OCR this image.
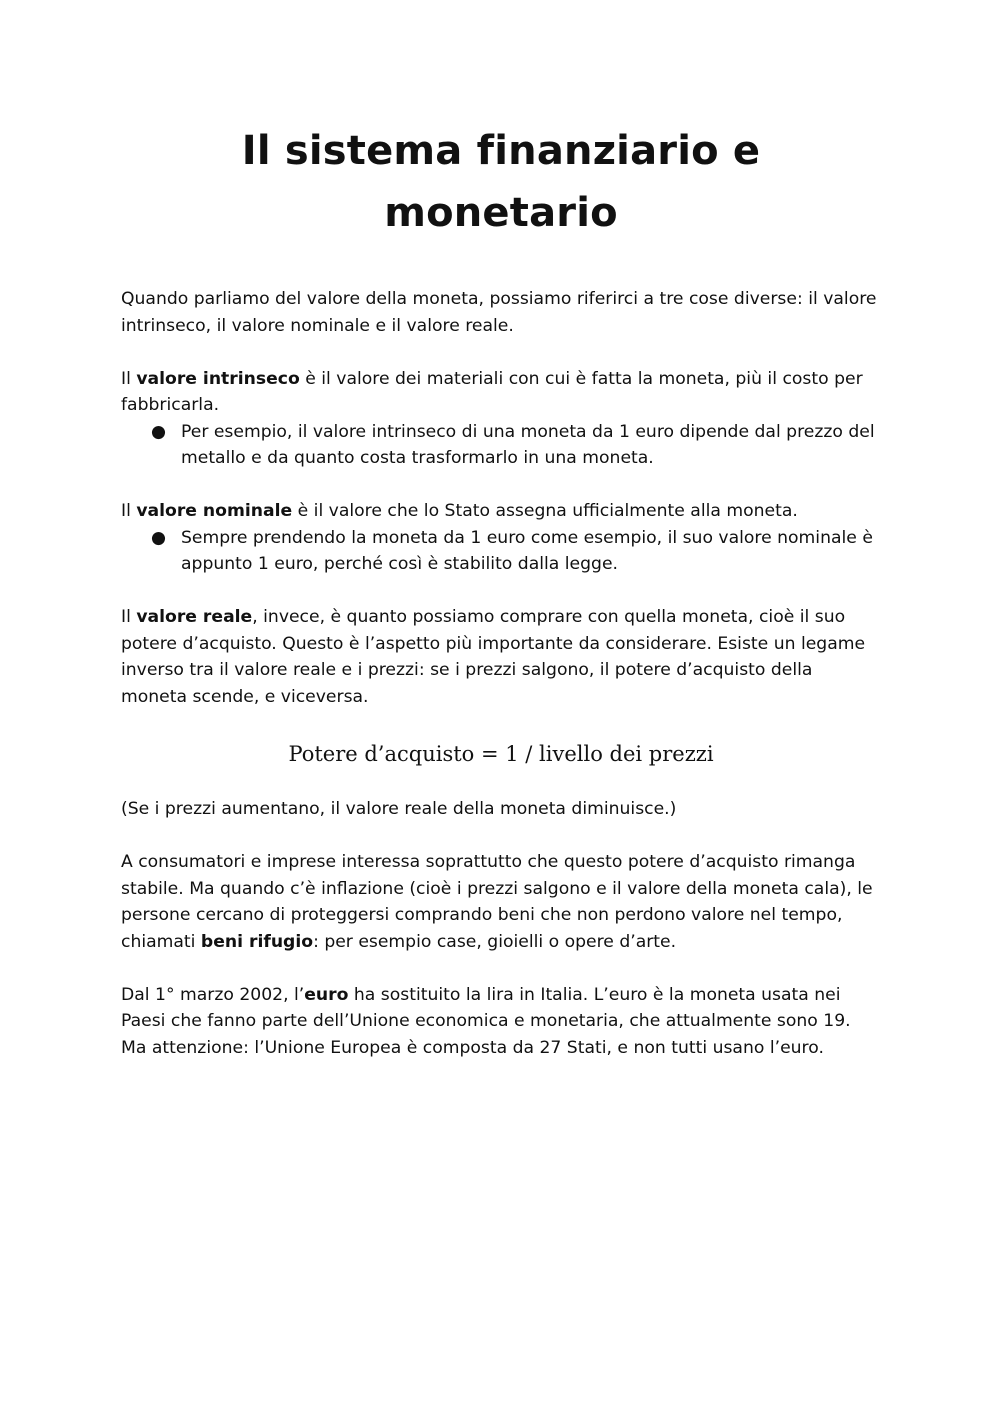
Il sistema finanziario e
monetario

Quando parliamo del valore della moneta, possiamo riferirci a tre cose diverse: il valore intrinseco, il valore nominale e il valore reale.

Il valore intrinseco è il valore dei materiali con cui è fatta la moneta, più il costo per fabbricarla.

● Per esempio, il valore intrinseco di una moneta da 1 euro dipende dal prezzo del metallo e da quanto costa trasformarlo in una moneta.

Il valore nominale è il valore che lo Stato assegna ufficialmente alla moneta.

● Sempre prendendo la moneta da 1 euro come esempio, il suo valore nominale è appunto 1 euro, perché così è stabilito dalla legge.

Il valore reale, invece, è quanto possiamo comprare con quella moneta, cioè il suo potere d’acquisto. Questo è l’aspetto più importante da considerare. Esiste un legame inverso tra il valore reale e i prezzi: se i prezzi salgono, il potere d’acquisto della moneta scende, e viceversa.

Potere d’acquisto = 1 / livello dei prezzi

(Se i prezzi aumentano, il valore reale della moneta diminuisce.)

A consumatori e imprese interessa soprattutto che questo potere d’acquisto rimanga stabile. Ma quando c’è inflazione (cioè i prezzi salgono e il valore della moneta cala), le persone cercano di proteggersi comprando beni che non perdono valore nel tempo, chiamati beni rifugio: per esempio case, gioielli o opere d’arte.

Dal 1° marzo 2002, l’euro ha sostituito la lira in Italia. L’euro è la moneta usata nei Paesi che fanno parte dell’Unione economica e monetaria, che attualmente sono 19. Ma attenzione: l’Unione Europea è composta da 27 Stati, e non tutti usano l’euro.
